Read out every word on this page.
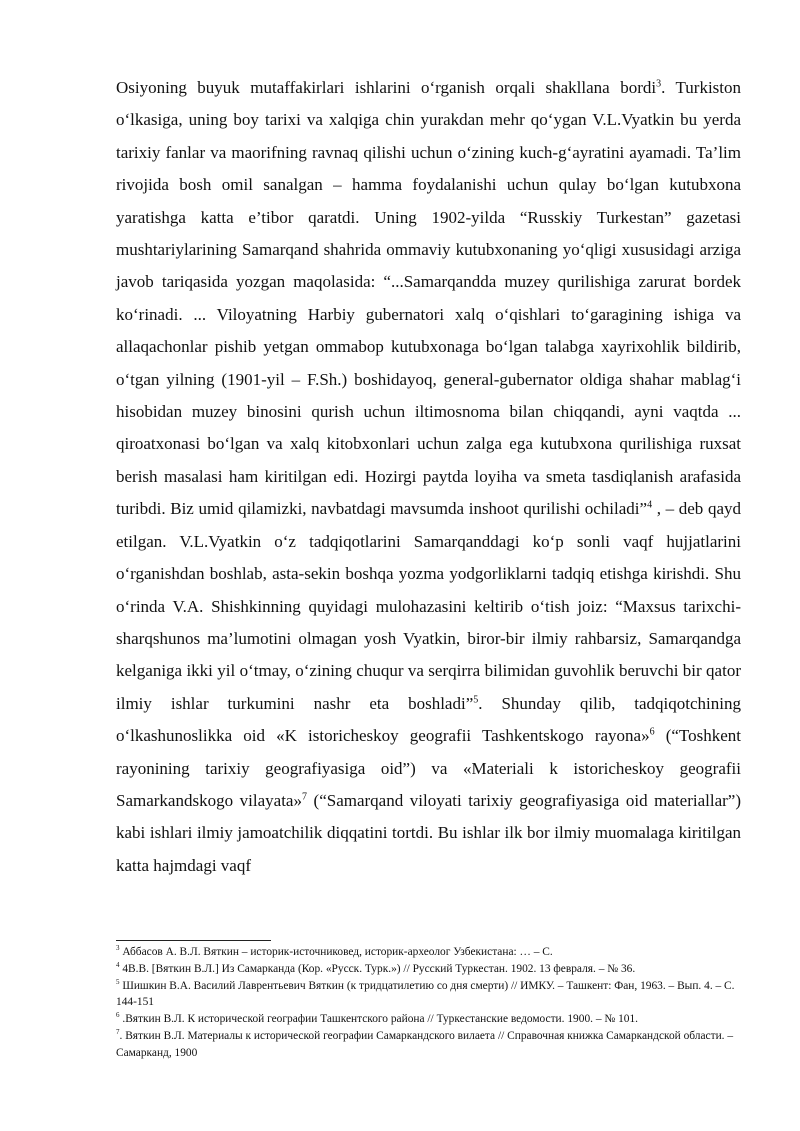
Osiyoning buyuk mutaffakirlari ishlarini o‘rganish orqali shakllana bordi$^3$. Turkiston o‘lkasiga, uning boy tarixi va xalqiga chin yurakdan mehr qo‘ygan V.L.Vyatkin bu yerda tarixiy fanlar va maorifning ravnaq qilishi uchun o‘zining kuch-g‘ayratini ayamadi. Ta’lim rivojida bosh omil sanalgan – hamma foydalanishi uchun qulay bo‘lgan kutubxona yaratishga katta e’tibor qaratdi. Uning 1902-yilda “Russkiy Turkestan” gazetasi mushtariylarining Samarqand shahrida ommaviy kutubxonaning yo‘qligi xususidagi arziga javob tariqasida yozgan maqolasida: “...Samarqandda muzey qurilishiga zarurat bordek ko‘rinadi. ... Viloyatning Harbiy gubernatori xalq o‘qishlari to‘garagining ishiga va allaqachonlar pishib yetgan ommabop kutubxonaga bo‘lgan talabga xayrixohlik bildirib, o‘tgan yilning (1901-yil – F.Sh.) boshidayoq, general-gubernator oldiga shahar mablag‘i hisobidan muzey binosini qurish uchun iltimosnoma bilan chiqqandi, ayni vaqtda ... qiroatxonasi bo‘lgan va xalq kitobxonlari uchun zalga ega kutubxona qurilishiga ruxsat berish masalasi ham kiritilgan edi. Hozirgi paytda loyiha va smeta tasdiqlanish arafasida turibdi. Biz umid qilamizki, navbatdagi mavsumda inshoot qurilishi ochiladi”$^4$ , – deb qayd etilgan. V.L.Vyatkin o‘z tadqiqotlarini Samarqanddagi ko‘p sonli vaqf hujjatlarini o‘rganishdan boshlab, asta-sekin boshqa yozma yodgorliklarni tadqiq etishga kirishdi. Shu o‘rinda V.A. Shishkinning quyidagi mulohazasini keltirib o‘tish joiz: “Maxsus tarixchi-sharqshunos ma’lumotini olmagan yosh Vyatkin, biror-bir ilmiy rahbarsiz, Samarqandga kelganiga ikki yil o‘tmay, o‘zining chuqur va serqirra bilimidan guvohlik beruvchi bir qator ilmiy ishlar turkumini nashr eta boshladi”$^5$. Shunday qilib, tadqiqotchining o‘lkashunoslikka oid «K istoricheskoy geografii Tashkentskogo rayona»$^6$ (“Toshkent rayonining tarixiy geografiyasiga oid”) va «Materiali k istoricheskoy geografii Samarkandskogo vilayata»$^7$ (“Samarqand viloyati tarixiy geografiyasiga oid materiallar”) kabi ishlari ilmiy jamoatchilik diqqatini tortdi. Bu ishlar ilk bor ilmiy muomalaga kiritilgan katta hajmdagi vaqf

$^3$ Аббасов А. В.Л. Вяткин – историк-источниковед, историк-археолог Узбекистана: … – С.

$^4$ 4В.В. [Вяткин В.Л.] Из Самарканда (Кор. «Русск. Турк.») // Русский Туркестан. 1902. 13 февраля. – № 36.

$^5$ Шишкин В.А. Василий Лаврентьевич Вяткин (к тридцатилетию со дня смерти) // ИМКУ. – Ташкент: Фан, 1963. – Вып. 4. – С. 144-151

$^6$ .Вяткин В.Л. К исторической географии Ташкентского района // Туркестанские ведомости. 1900. – № 101.

$^7$. Вяткин В.Л. Материалы к исторической географии Самаркандского вилаета // Справочная книжка Самаркандской области. – Самарканд, 1900
